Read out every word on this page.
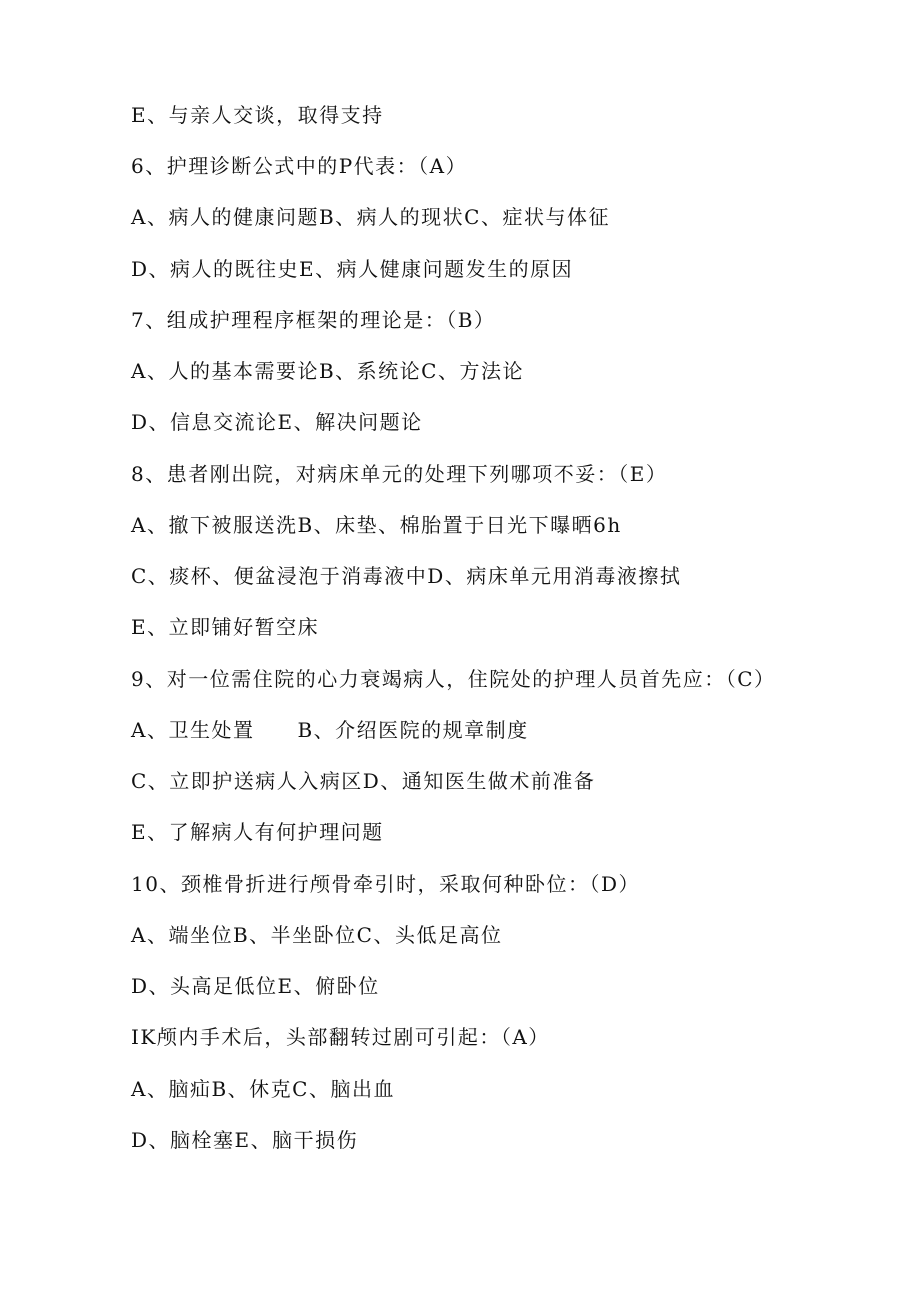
E、与亲人交谈，取得支持
6、护理诊断公式中的P代表：（A）
A、病人的健康问题B、病人的现状C、症状与体征
D、病人的既往史E、病人健康问题发生的原因
7、组成护理程序框架的理论是：（B）
A、人的基本需要论B、系统论C、方法论
D、信息交流论E、解决问题论
8、患者刚出院，对病床单元的处理下列哪项不妥：（E）
A、撤下被服送洗B、床垫、棉胎置于日光下曝晒6h
C、痰杯、便盆浸泡于消毒液中D、病床单元用消毒液擦拭
E、立即铺好暂空床
9、对一位需住院的心力衰竭病人，住院处的护理人员首先应：（C）
A、卫生处置　　B、介绍医院的规章制度
C、立即护送病人入病区D、通知医生做术前准备
E、了解病人有何护理问题
10、颈椎骨折进行颅骨牵引时，采取何种卧位：（D）
A、端坐位B、半坐卧位C、头低足高位
D、头高足低位E、俯卧位
IK颅内手术后，头部翻转过剧可引起：（A）
A、脑疝B、休克C、脑出血
D、脑栓塞E、脑干损伤
